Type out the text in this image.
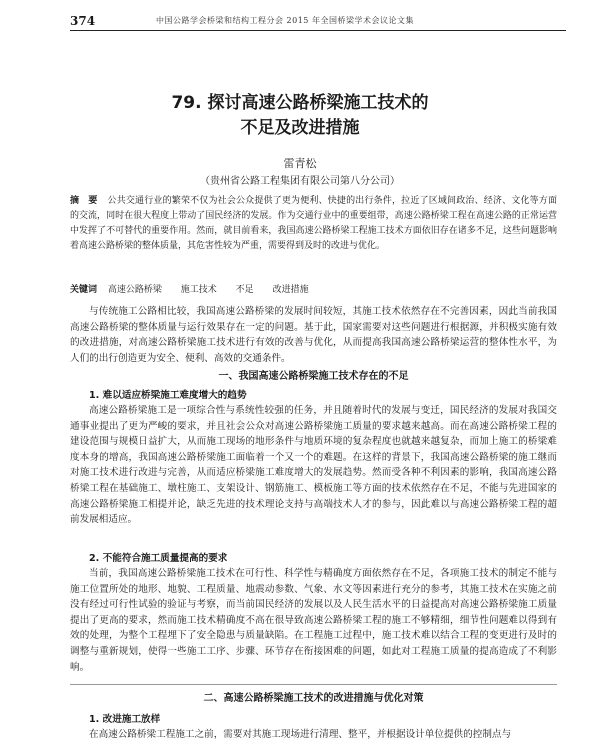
374	中国公路学会桥梁和结构工程分会 2015 年全国桥梁学术会议论文集
79. 探讨高速公路桥梁施工技术的
不足及改进措施
雷青松
（贵州省公路工程集团有限公司第八分公司）

摘　要 公共交通行业的繁荣不仅为社会公众提供了更为便利、快捷的出行条件，拉近了区域间政治、经济、文化等方面的交流，同时在很大程度上带动了国民经济的发展。作为交通行业中的重要组带，高速公路桥梁工程在高速公路的正常运营中发挥了不可替代的重要作用。然而，就目前看来，我国高速公路桥梁工程施工技术方面依旧存在诸多不足，这些问题影响着高速公路桥梁的整体质量，其危害性较为严重，需要得到及时的改进与优化。

关键词 高速公路桥梁 施工技术 不足 改进措施

与传统施工公路相比较，我国高速公路桥梁的发展时间较短，其施工技术依然存在不完善因素，因此当前我国高速公路桥梁的整体质量与运行效果存在一定的问题。基于此，国家需要对这些问题进行根据源，并积极实施有效的改进措施，对高速公路桥梁施工技术进行有效的改善与优化，从而提高我国高速公路桥梁运营的整体性水平，为人们的出行创造更为安全、便利、高效的交通条件。

一、我国高速公路桥梁施工技术存在的不足
1. 难以适应桥梁施工难度增大的趋势

高速公路桥梁施工是一项综合性与系统性较强的任务，并且随着时代的发展与变迁，国民经济的发展对我国交通事业提出了更为严峻的要求，并且社会公众对高速公路桥梁施工质量的要求越来越高。而在高速公路桥梁工程的建设范围与规模日益扩大，从而施工现场的地形条件与地质环境的复杂程度也就越来越复杂，而加上施工的桥梁难度本身的增高，我国高速公路桥梁施工面临着一个又一个的难题。在这样的背景下，我国高速公路桥梁的施工继而对施工技术进行改进与完善，从而适应桥梁施工难度增大的发展趋势。然而受各种不利因素的影响，我国高速公路桥梁工程在基础施工、墩柱施工、支架设计、钢筋施工、模板施工等方面的技术依然存在不足，不能与先进国家的高速公路桥梁施工相提并论，缺乏先进的技术理论支持与高端技术人才的参与，因此难以与高速公路桥梁工程的超前发展相适应。

2. 不能符合施工质量提高的要求

当前，我国高速公路桥梁施工技术在可行性、科学性与精确度方面依然存在不足，各项施工技术的制定不能与施工位置所处的地形、地貌、工程质量、地震动参数、气象、水文等因素进行充分的参考，其施工技术在实施之前没有经过可行性试验的验证与考察，而当前国民经济的发展以及人民生活水平的日益提高对高速公路桥梁施工质量提出了更高的要求，然而施工技术精确度不高在很导致高速公路桥梁工程的施工不够精细，细节性问题难以得到有效的处理，为整个工程埋下了安全隐患与质量缺陷。在工程施工过程中，施工技术难以结合工程的变更进行及时的调整与重新规划，使得一些施工工序、步骤、环节存在衔接困难的问题，如此对工程施工质量的提高造成了不利影响。

二、高速公路桥梁施工技术的改进措施与优化对策
1. 改进施工放样

在高速公路桥梁工程施工之前，需要对其施工现场进行清理、整平，并根据设计单位提供的控制点与
